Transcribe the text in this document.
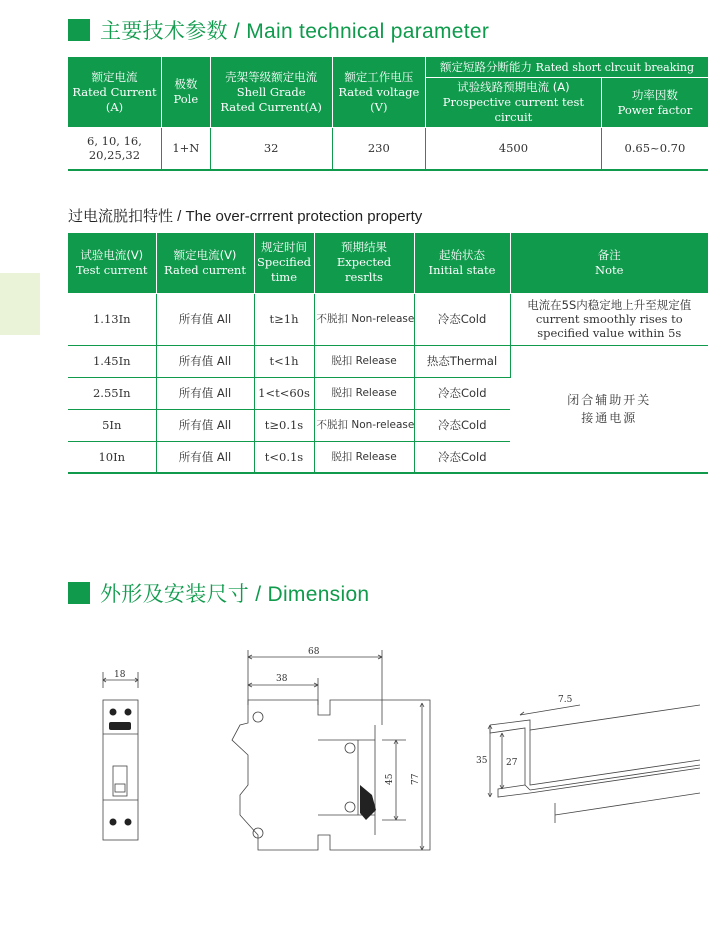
主要技术参数 / Main technical parameter
额定电流
Rated Current
(A)	极数
Pole	壳架等级额定电流
Shell Grade
Rated Current(A)	额定工作电压
Rated voltage
(V)	额定短路分断能力 Rated short clrcuit breaking	

				试验线路预期电流 (A)
Prospective current test circuit	功率因数
Power factor
6, 10, 16,
20,25,32	1+N	32	230	4500	0.65~0.70
过电流脱扣特性 / The over-crrrent protection property
试验电流(V)
Test current	额定电流(V)
Rated current	规定时间
Specified
time	预期结果
Expected
resrlts	起始状态
Initial state	备注
Note
1.13In	所有值 All	t≥1h	不脱扣 Non-release	冷态Cold	电流在5S内稳定地上升至规定值
current smoothly rises to
specified value within 5s
1.45In	所有值 All	t<1h	脱扣 Release	热态Thermal	闭合辅助开关
接通电源
2.55In	所有值 All	1<t<60s	脱扣 Release	冷态Cold	
5In	所有值 All	t≥0.1s	不脱扣 Non-release	冷态Cold	
10In	所有值 All	t<0.1s	脱扣 Release	冷态Cold	
外形及安装尺寸 / Dimension
18
68
38
45 77
7.5
35 27
